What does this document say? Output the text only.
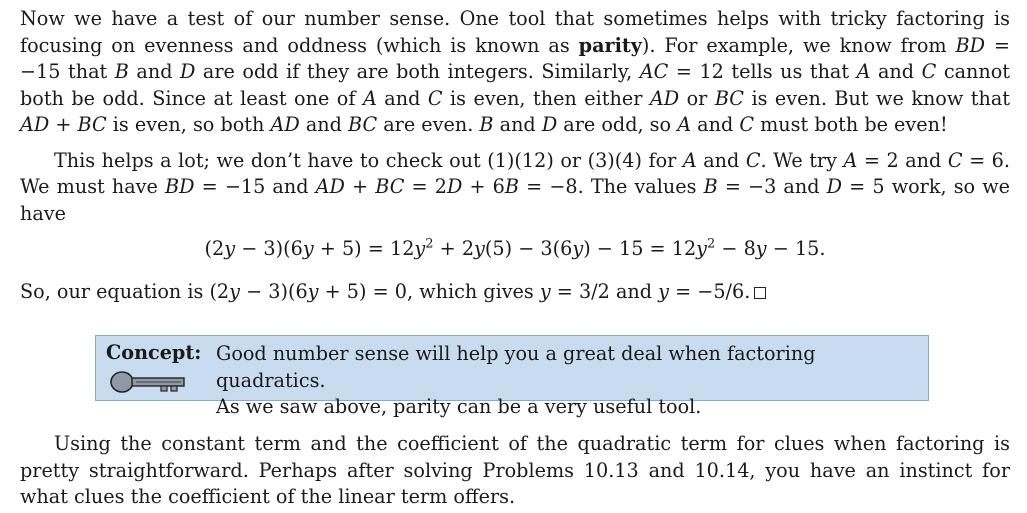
Now we have a test of our number sense. One tool that sometimes helps with tricky factoring is focusing on evenness and oddness (which is known as parity). For example, we know from BD = −15 that B and D are odd if they are both integers. Similarly, AC = 12 tells us that A and C cannot both be odd. Since at least one of A and C is even, then either AD or BC is even. But we know that AD + BC is even, so both AD and BC are even. B and D are odd, so A and C must both be even!

This helps a lot; we don’t have to check out (1)(12) or (3)(4) for A and C. We try A = 2 and C = 6. We must have BD = −15 and AD + BC = 2D + 6B = −8. The values B = −3 and D = 5 work, so we have

$(2y - 3)(6y + 5) = 12y^2 + 2y(5) - 3(6y) - 15 = 12y^2 - 8y - 15$.

So, our equation is (2y − 3)(6y + 5) = 0, which gives y = 3/2 and y = −5/6.

Concept: Good number sense will help you a great deal when factoring quadratics.
As we saw above, parity can be a very useful tool.

Using the constant term and the coefficient of the quadratic term for clues when factoring is pretty straightforward. Perhaps after solving Problems 10.13 and 10.14, you have an instinct for what clues the coefficient of the linear term offers.
